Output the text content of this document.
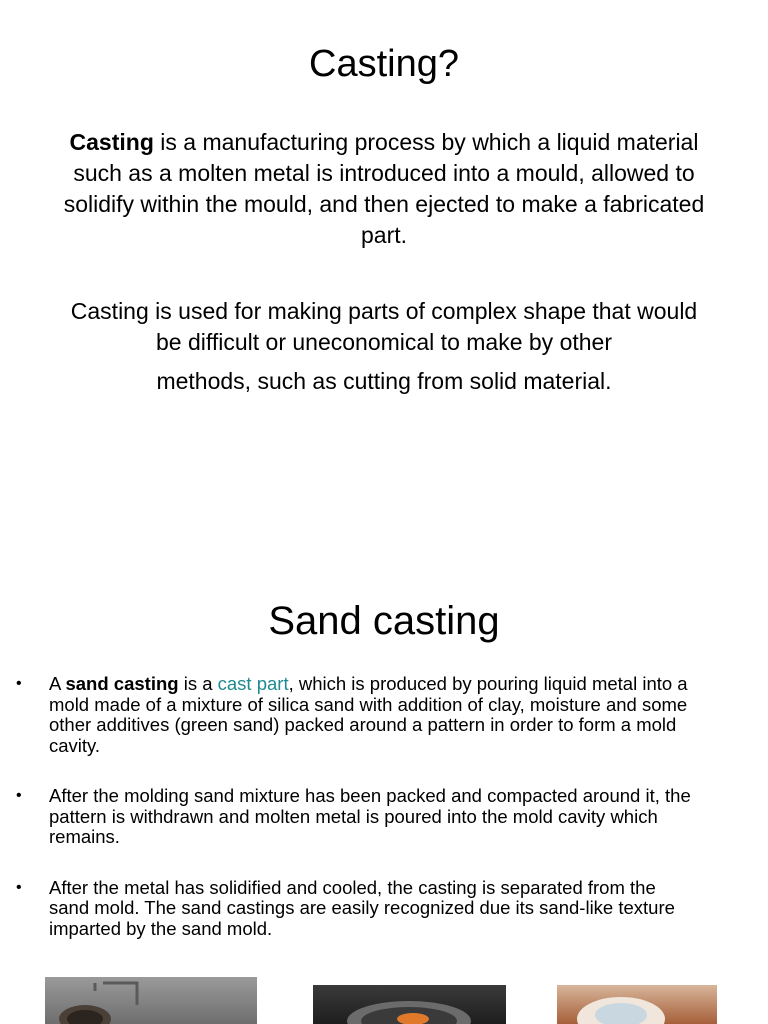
Casting?
Casting is a manufacturing process by which a liquid material such as a molten metal is introduced into a mould, allowed to solidify within the mould, and then ejected to make a fabricated part.
Casting is used for making parts of complex shape that would be difficult or uneconomical to make by other
methods, such as cutting from solid material.
Sand casting
• A sand casting is a cast part, which is produced by pouring liquid metal into a mold made of a mixture of silica sand with addition of clay, moisture and some other additives (green sand) packed around a pattern in order to form a mold cavity.
• After the molding sand mixture has been packed and compacted around it, the pattern is withdrawn and molten metal is poured into the mold cavity which remains.
• After the metal has solidified and cooled, the casting is separated from the sand mold. The sand castings are easily recognized due its sand-like texture imparted by the sand mold.
